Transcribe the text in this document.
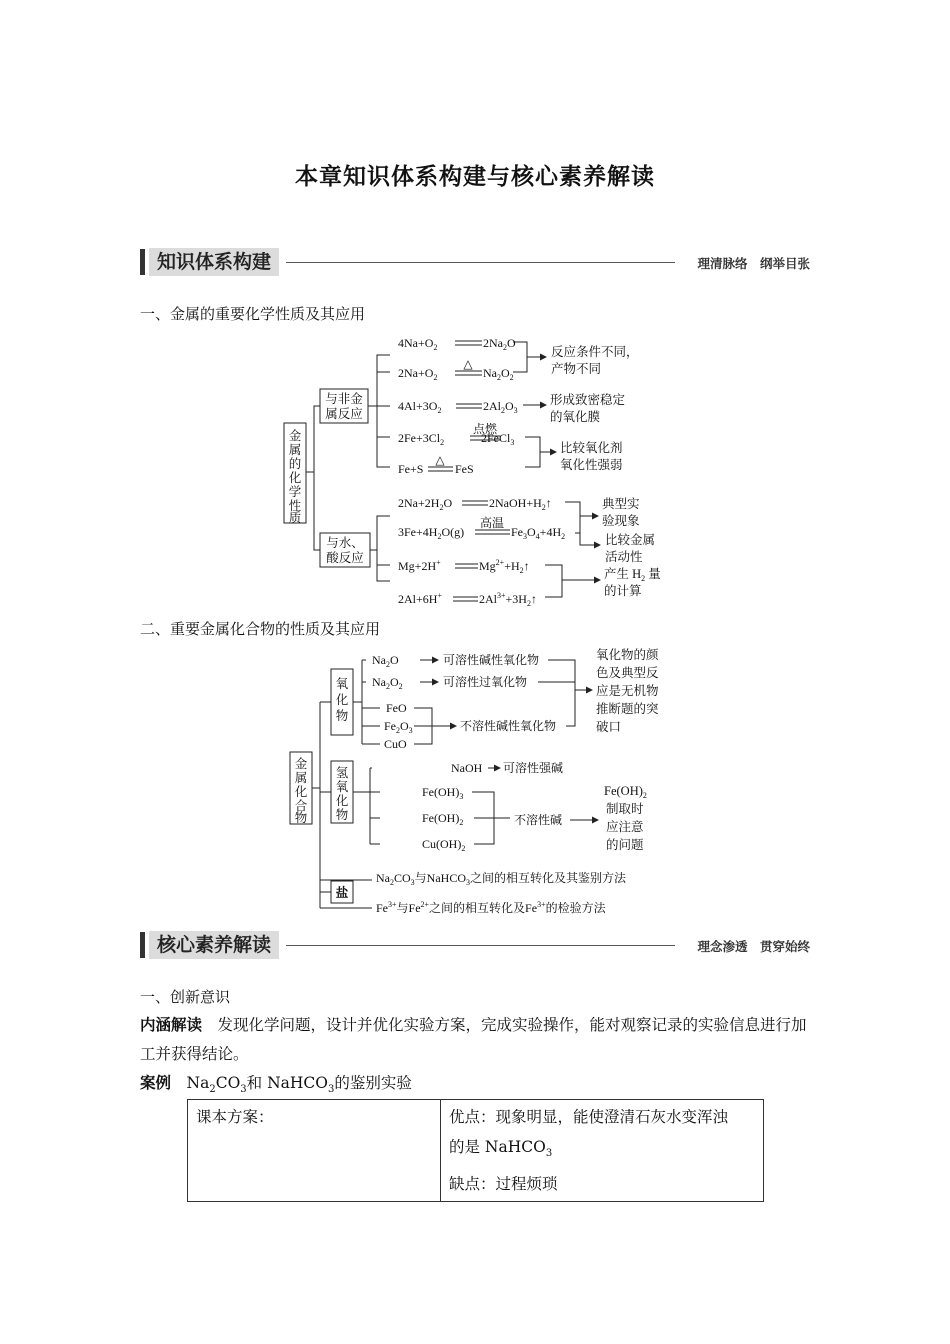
本章知识体系构建与核心素养解读
知识体系构建	理清脉络　纲举目张
一、金属的重要化学性质及其应用
金
属
的
化
学
性
质
与非金
属反应
与水、
酸反应
△
点燃
△
高温
$4Na+O_2$	$2Na_2O$
$2Na+O_2$	$Na_2O_2$
$4Al+3O_2$	$2Al_2O_3$
$2Fe+3Cl_2$	2FeCl$_3$
Fe+S	FeS
$2Na+2H_2O$	$2NaOH+H_2↑$
$3Fe+4H_2O(g)$	$Fe_3O_4+4H_2$
Mg+2H+	$Mg^{2+}+H_2↑$
2Al+6H+	$2Al^{3+}+3H_2↑$
反应条件不同，
产物不同
形成致密稳定
的氧化膜
比较氧化剂
氧化性强弱
典型实
验现象
比较金属
活动性
产生 $H_2$ 量
的计算
二、重要金属化合物的性质及其应用
金
属
化
合
物
氧
化
物
氢
氧
化
物
盐
$Na_2O$
$Na_2O_2$
可溶性碱性氧化物
可溶性过氧化物
FeO
$Fe_2O_3$
CuO
不溶性碱性氧化物
NaOH 可溶性强碱
$Fe(OH)_3$
$Fe(OH)_2$
$Cu(OH)_2$
不溶性碱
$Na_2CO_3$与NaHCO$_3$之间的相互转化及其鉴别方法
$Fe^{3+}$与$Fe^{2+}$之间的相互转化及$Fe^{3+}$的检验方法
氧化物的颜
色及典型反
应是无机物
推断题的突
破口
$Fe(OH)_2$
制取时
应注意
的问题
核心素养解读	理念渗透　贯穿始终
一、创新意识
内涵解读　发现化学问题，设计并优化实验方案，完成实验操作，能对观察记录的实验信息进行加工并获得结论。
案例　$Na_2CO_3$和 NaHCO$_3$的鉴别实验
课本方案：	优点：现象明显，能使澄清石灰水变浑浊
的是 NaHCO$_3$
缺点：过程烦琐
